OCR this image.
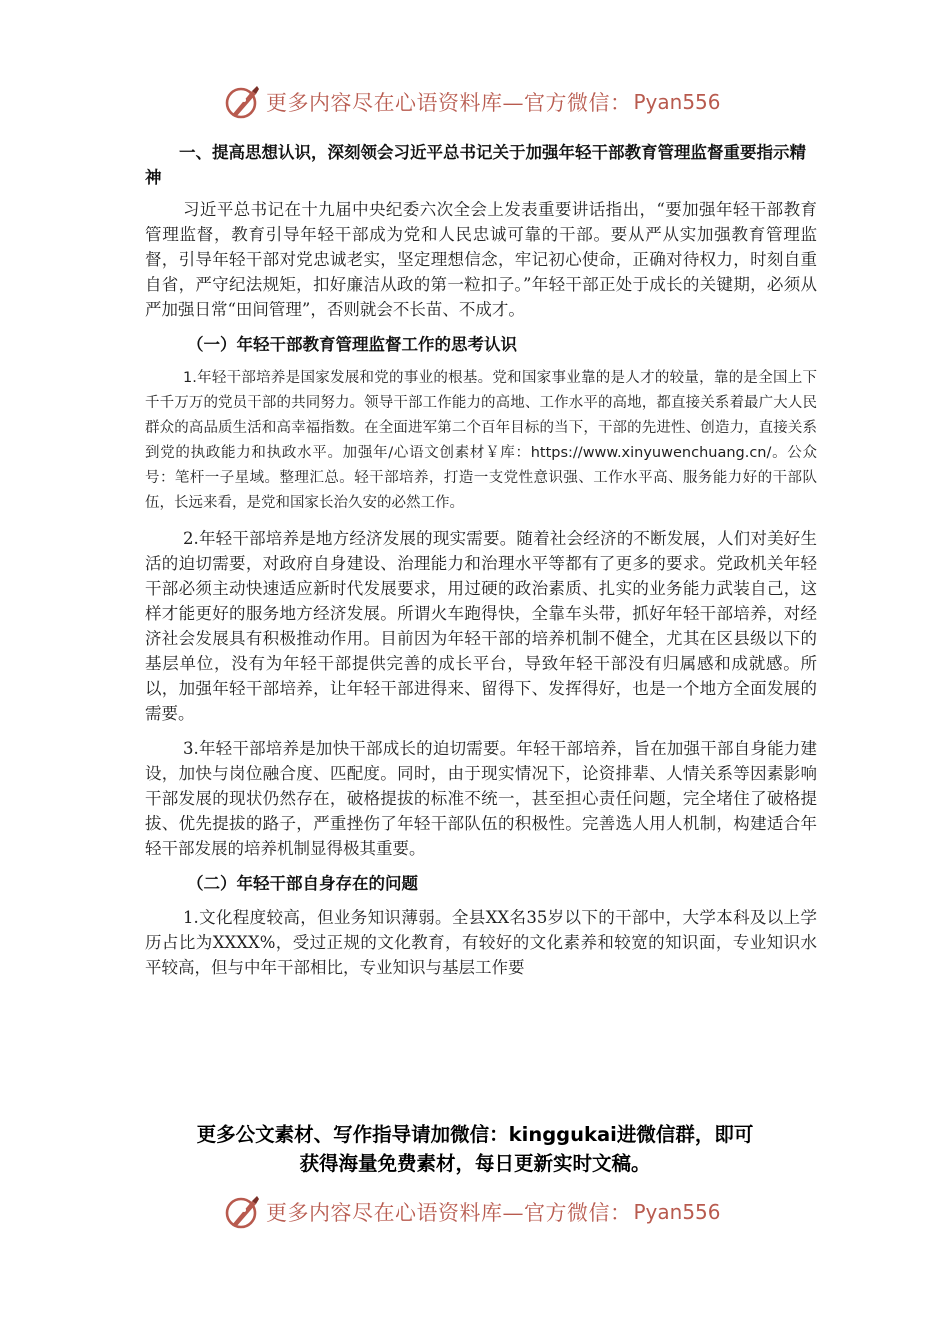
更多内容尽在心语资料库—官方微信： Pyan556

一、提高思想认识，深刻领会习近平总书记关于加强年轻干部教育管理监督重要指示精神

习近平总书记在十九届中央纪委六次全会上发表重要讲话指出，“要加强年轻干部教育管理监督，教育引导年轻干部成为党和人民忠诚可靠的干部。要从严从实加强教育管理监督，引导年轻干部对党忠诚老实，坚定理想信念，牢记初心使命，正确对待权力，时刻自重自省，严守纪法规矩，扣好廉洁从政的第一粒扣子。”年轻干部正处于成长的关键期，必须从严加强日常“田间管理”，否则就会不长苗、不成才。

（一）年轻干部教育管理监督工作的思考认识

1.年轻干部培养是国家发展和党的事业的根基。党和国家事业靠的是人才的较量，靠的是全国上下千千万万的党员干部的共同努力。领导干部工作能力的高地、工作水平的高地，都直接关系着最广大人民群众的高品质生活和高幸福指数。在全面进军第二个百年目标的当下，干部的先进性、创造力，直接关系到党的执政能力和执政水平。加强年/心语文创素材￥库：https://www.xinyuwenchuang.cn/。公众号：笔杆一子星域。整理汇总。轻干部培养，打造一支党性意识强、工作水平高、服务能力好的干部队伍，长远来看，是党和国家长治久安的必然工作。

2.年轻干部培养是地方经济发展的现实需要。随着社会经济的不断发展，人们对美好生活的迫切需要，对政府自身建设、治理能力和治理水平等都有了更多的要求。党政机关年轻干部必须主动快速适应新时代发展要求，用过硬的政治素质、扎实的业务能力武装自己，这样才能更好的服务地方经济发展。所谓火车跑得快，全靠车头带，抓好年轻干部培养，对经济社会发展具有积极推动作用。目前因为年轻干部的培养机制不健全，尤其在区县级以下的基层单位，没有为年轻干部提供完善的成长平台，导致年轻干部没有归属感和成就感。所以，加强年轻干部培养，让年轻干部进得来、留得下、发挥得好，也是一个地方全面发展的需要。

3.年轻干部培养是加快干部成长的迫切需要。年轻干部培养，旨在加强干部自身能力建设，加快与岗位融合度、匹配度。同时，由于现实情况下，论资排辈、人情关系等因素影响干部发展的现状仍然存在，破格提拔的标准不统一，甚至担心责任问题，完全堵住了破格提拔、优先提拔的路子，严重挫伤了年轻干部队伍的积极性。完善选人用人机制，构建适合年轻干部发展的培养机制显得极其重要。

（二）年轻干部自身存在的问题

1.文化程度较高，但业务知识薄弱。全县XX名35岁以下的干部中，大学本科及以上学历占比为XXXX%，受过正规的文化教育，有较好的文化素养和较宽的知识面，专业知识水平较高，但与中年干部相比，专业知识与基层工作要

更多公文素材、写作指导请加微信：kinggukai进微信群，即可
获得海量免费素材，每日更新实时文稿。
更多内容尽在心语资料库—官方微信： Pyan556
